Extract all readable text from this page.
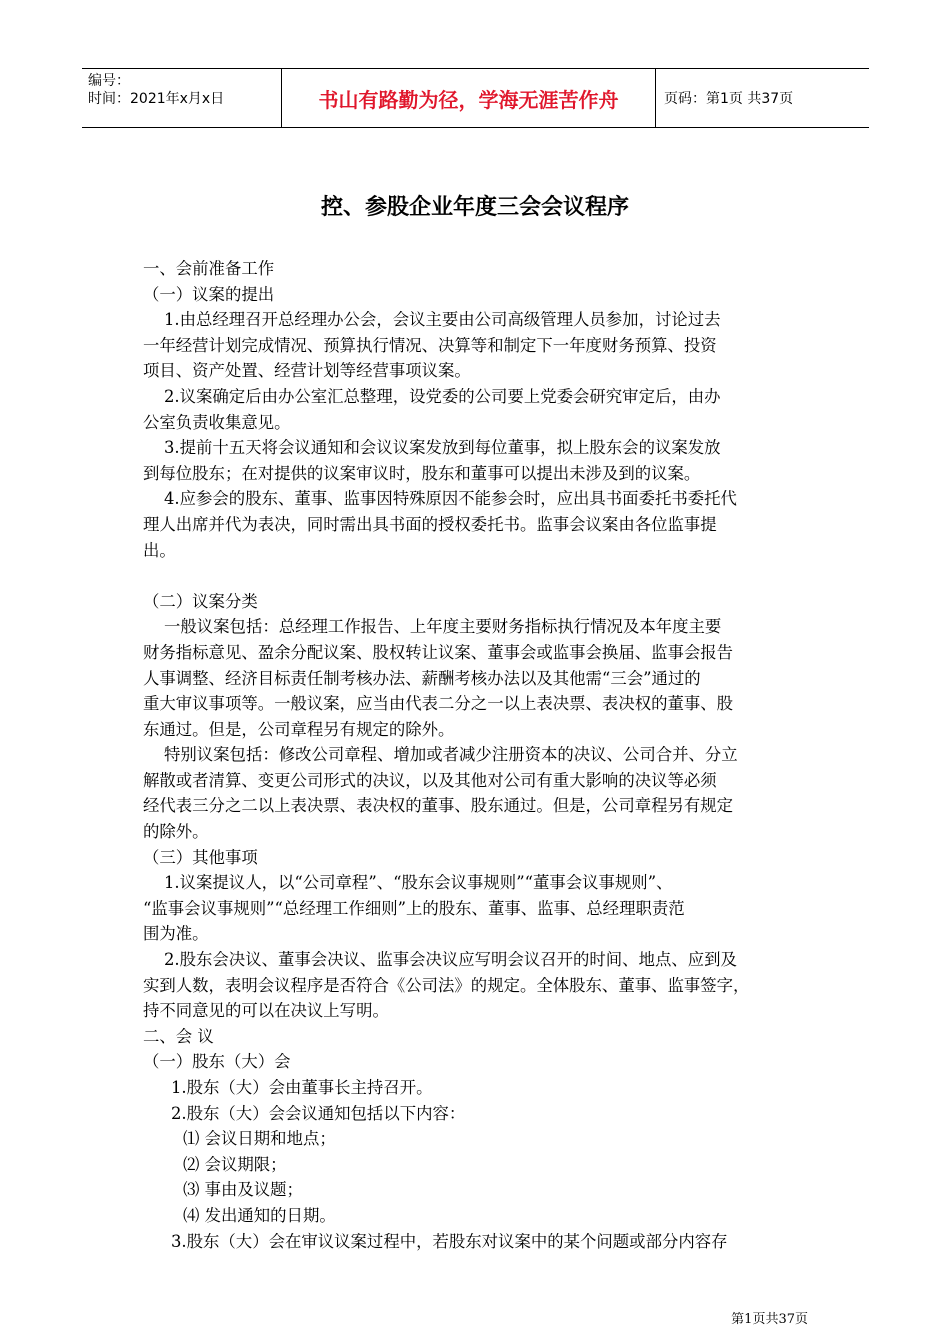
编号：
时间：2021年x月x日	书山有路勤为径，学海无涯苦作舟	页码：第1页 共37页
控、参股企业年度三会会议程序
一、会前准备工作
（一）议案的提出
1.由总经理召开总经理办公会，会议主要由公司高级管理人员参加，讨论过去
一年经营计划完成情况、预算执行情况、决算等和制定下一年度财务预算、投资
项目、资产处置、经营计划等经营事项议案。
2.议案确定后由办公室汇总整理，设党委的公司要上党委会研究审定后，由办
公室负责收集意见。
3.提前十五天将会议通知和会议议案发放到每位董事，拟上股东会的议案发放
到每位股东；在对提供的议案审议时，股东和董事可以提出未涉及到的议案。
4.应参会的股东、董事、监事因特殊原因不能参会时，应出具书面委托书委托代
理人出席并代为表决，同时需出具书面的授权委托书。监事会议案由各位监事提
出。
（二）议案分类
一般议案包括：总经理工作报告、上年度主要财务指标执行情况及本年度主要
财务指标意见、盈余分配议案、股权转让议案、董事会或监事会换届、监事会报告
人事调整、经济目标责任制考核办法、薪酬考核办法以及其他需“三会”通过的
重大审议事项等。一般议案，应当由代表二分之一以上表决票、表决权的董事、股
东通过。但是，公司章程另有规定的除外。
特别议案包括：修改公司章程、增加或者减少注册资本的决议、公司合并、分立
解散或者清算、变更公司形式的决议，以及其他对公司有重大影响的决议等必须
经代表三分之二以上表决票、表决权的董事、股东通过。但是，公司章程另有规定
的除外。
（三）其他事项
1.议案提议人，以“公司章程”、“股东会议事规则”“董事会议事规则”、
“监事会议事规则”“总经理工作细则”上的股东、董事、监事、总经理职责范
围为准。
2.股东会决议、董事会决议、监事会决议应写明会议召开的时间、地点、应到及
实到人数，表明会议程序是否符合《公司法》的规定。全体股东、董事、监事签字，
持不同意见的可以在决议上写明。
二、会 议
（一）股东（大）会
1.股东（大）会由董事长主持召开。
2.股东（大）会会议通知包括以下内容：
⑴ 会议日期和地点；
⑵ 会议期限；
⑶ 事由及议题；
⑷ 发出通知的日期。
3.股东（大）会在审议议案过程中，若股东对议案中的某个问题或部分内容存
第1页共37页
